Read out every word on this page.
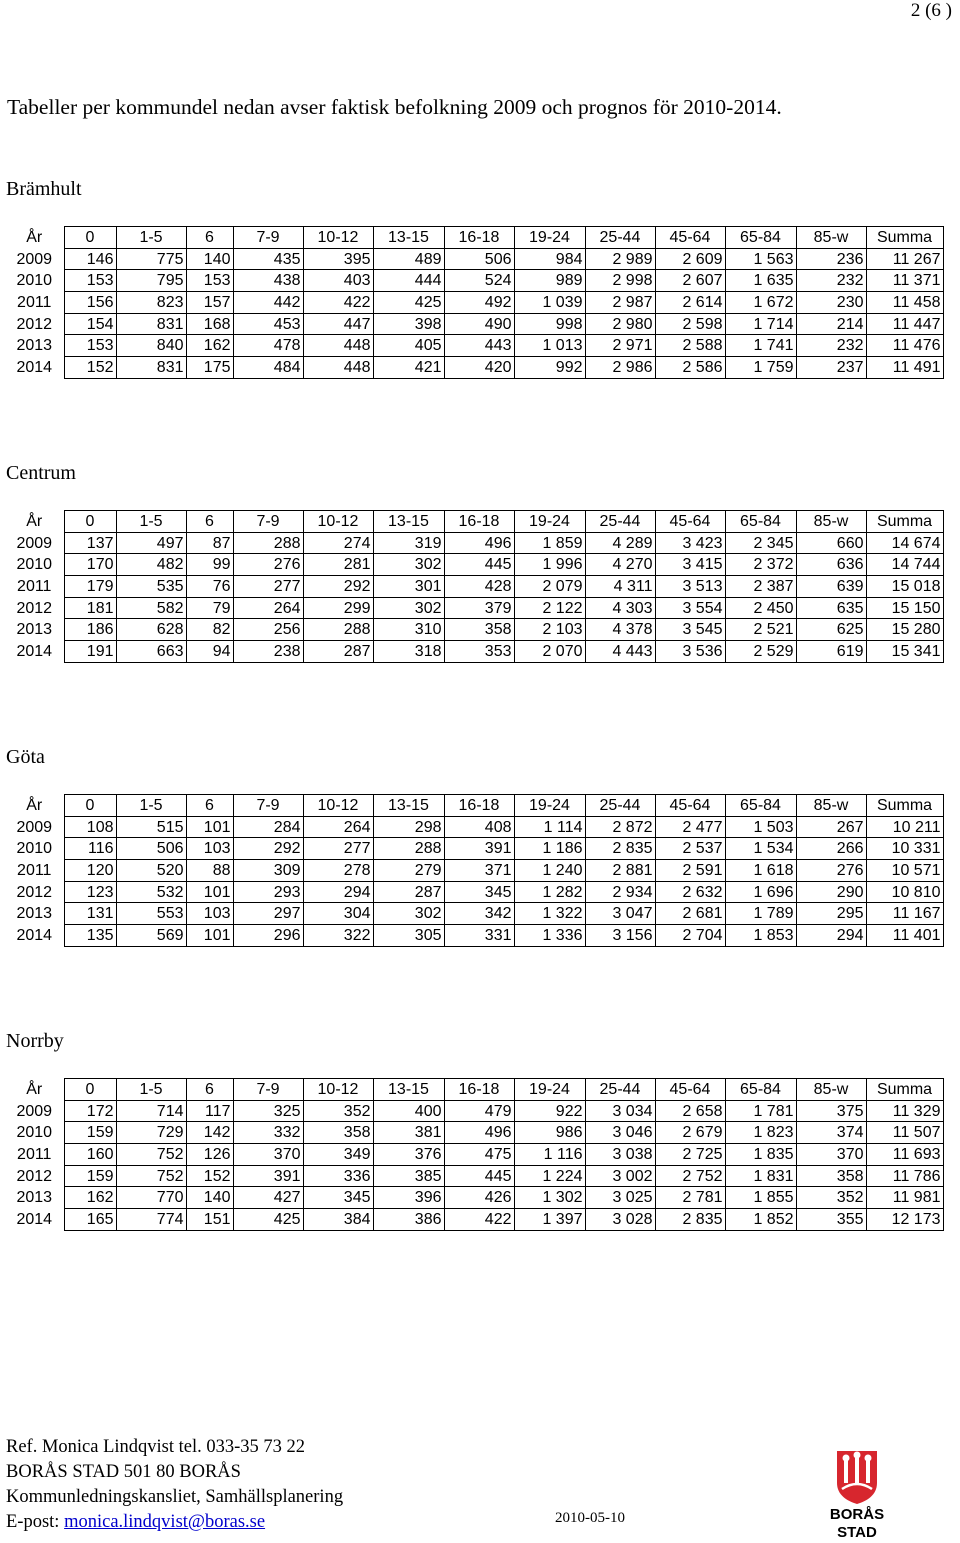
2 (6 )
Tabeller per kommundel nedan avser faktisk befolkning 2009 och prognos för 2010-2014.
Brämhult
År	0	1-5	6	7-9	10-12	13-15	16-18	19-24	25-44	45-64	65-84	85-w	Summa
2009	146	775	140	435	395	489	506	984	2 989	2 609	1 563	236	11 267
2010	153	795	153	438	403	444	524	989	2 998	2 607	1 635	232	11 371
2011	156	823	157	442	422	425	492	1 039	2 987	2 614	1 672	230	11 458
2012	154	831	168	453	447	398	490	998	2 980	2 598	1 714	214	11 447
2013	153	840	162	478	448	405	443	1 013	2 971	2 588	1 741	232	11 476
2014	152	831	175	484	448	421	420	992	2 986	2 586	1 759	237	11 491
Centrum
År	0	1-5	6	7-9	10-12	13-15	16-18	19-24	25-44	45-64	65-84	85-w	Summa
2009	137	497	87	288	274	319	496	1 859	4 289	3 423	2 345	660	14 674
2010	170	482	99	276	281	302	445	1 996	4 270	3 415	2 372	636	14 744
2011	179	535	76	277	292	301	428	2 079	4 311	3 513	2 387	639	15 018
2012	181	582	79	264	299	302	379	2 122	4 303	3 554	2 450	635	15 150
2013	186	628	82	256	288	310	358	2 103	4 378	3 545	2 521	625	15 280
2014	191	663	94	238	287	318	353	2 070	4 443	3 536	2 529	619	15 341
Göta
År	0	1-5	6	7-9	10-12	13-15	16-18	19-24	25-44	45-64	65-84	85-w	Summa
2009	108	515	101	284	264	298	408	1 114	2 872	2 477	1 503	267	10 211
2010	116	506	103	292	277	288	391	1 186	2 835	2 537	1 534	266	10 331
2011	120	520	88	309	278	279	371	1 240	2 881	2 591	1 618	276	10 571
2012	123	532	101	293	294	287	345	1 282	2 934	2 632	1 696	290	10 810
2013	131	553	103	297	304	302	342	1 322	3 047	2 681	1 789	295	11 167
2014	135	569	101	296	322	305	331	1 336	3 156	2 704	1 853	294	11 401
Norrby
År	0	1-5	6	7-9	10-12	13-15	16-18	19-24	25-44	45-64	65-84	85-w	Summa
2009	172	714	117	325	352	400	479	922	3 034	2 658	1 781	375	11 329
2010	159	729	142	332	358	381	496	986	3 046	2 679	1 823	374	11 507
2011	160	752	126	370	349	376	475	1 116	3 038	2 725	1 835	370	11 693
2012	159	752	152	391	336	385	445	1 224	3 002	2 752	1 831	358	11 786
2013	162	770	140	427	345	396	426	1 302	3 025	2 781	1 855	352	11 981
2014	165	774	151	425	384	386	422	1 397	3 028	2 835	1 852	355	12 173
Ref. Monica Lindqvist tel. 033-35 73 22
BORÅS STAD 501 80 BORÅS
Kommunledningskansliet, Samhällsplanering
E-post: monica.lindqvist@boras.se	2010-05-10	BORÅS
STAD
